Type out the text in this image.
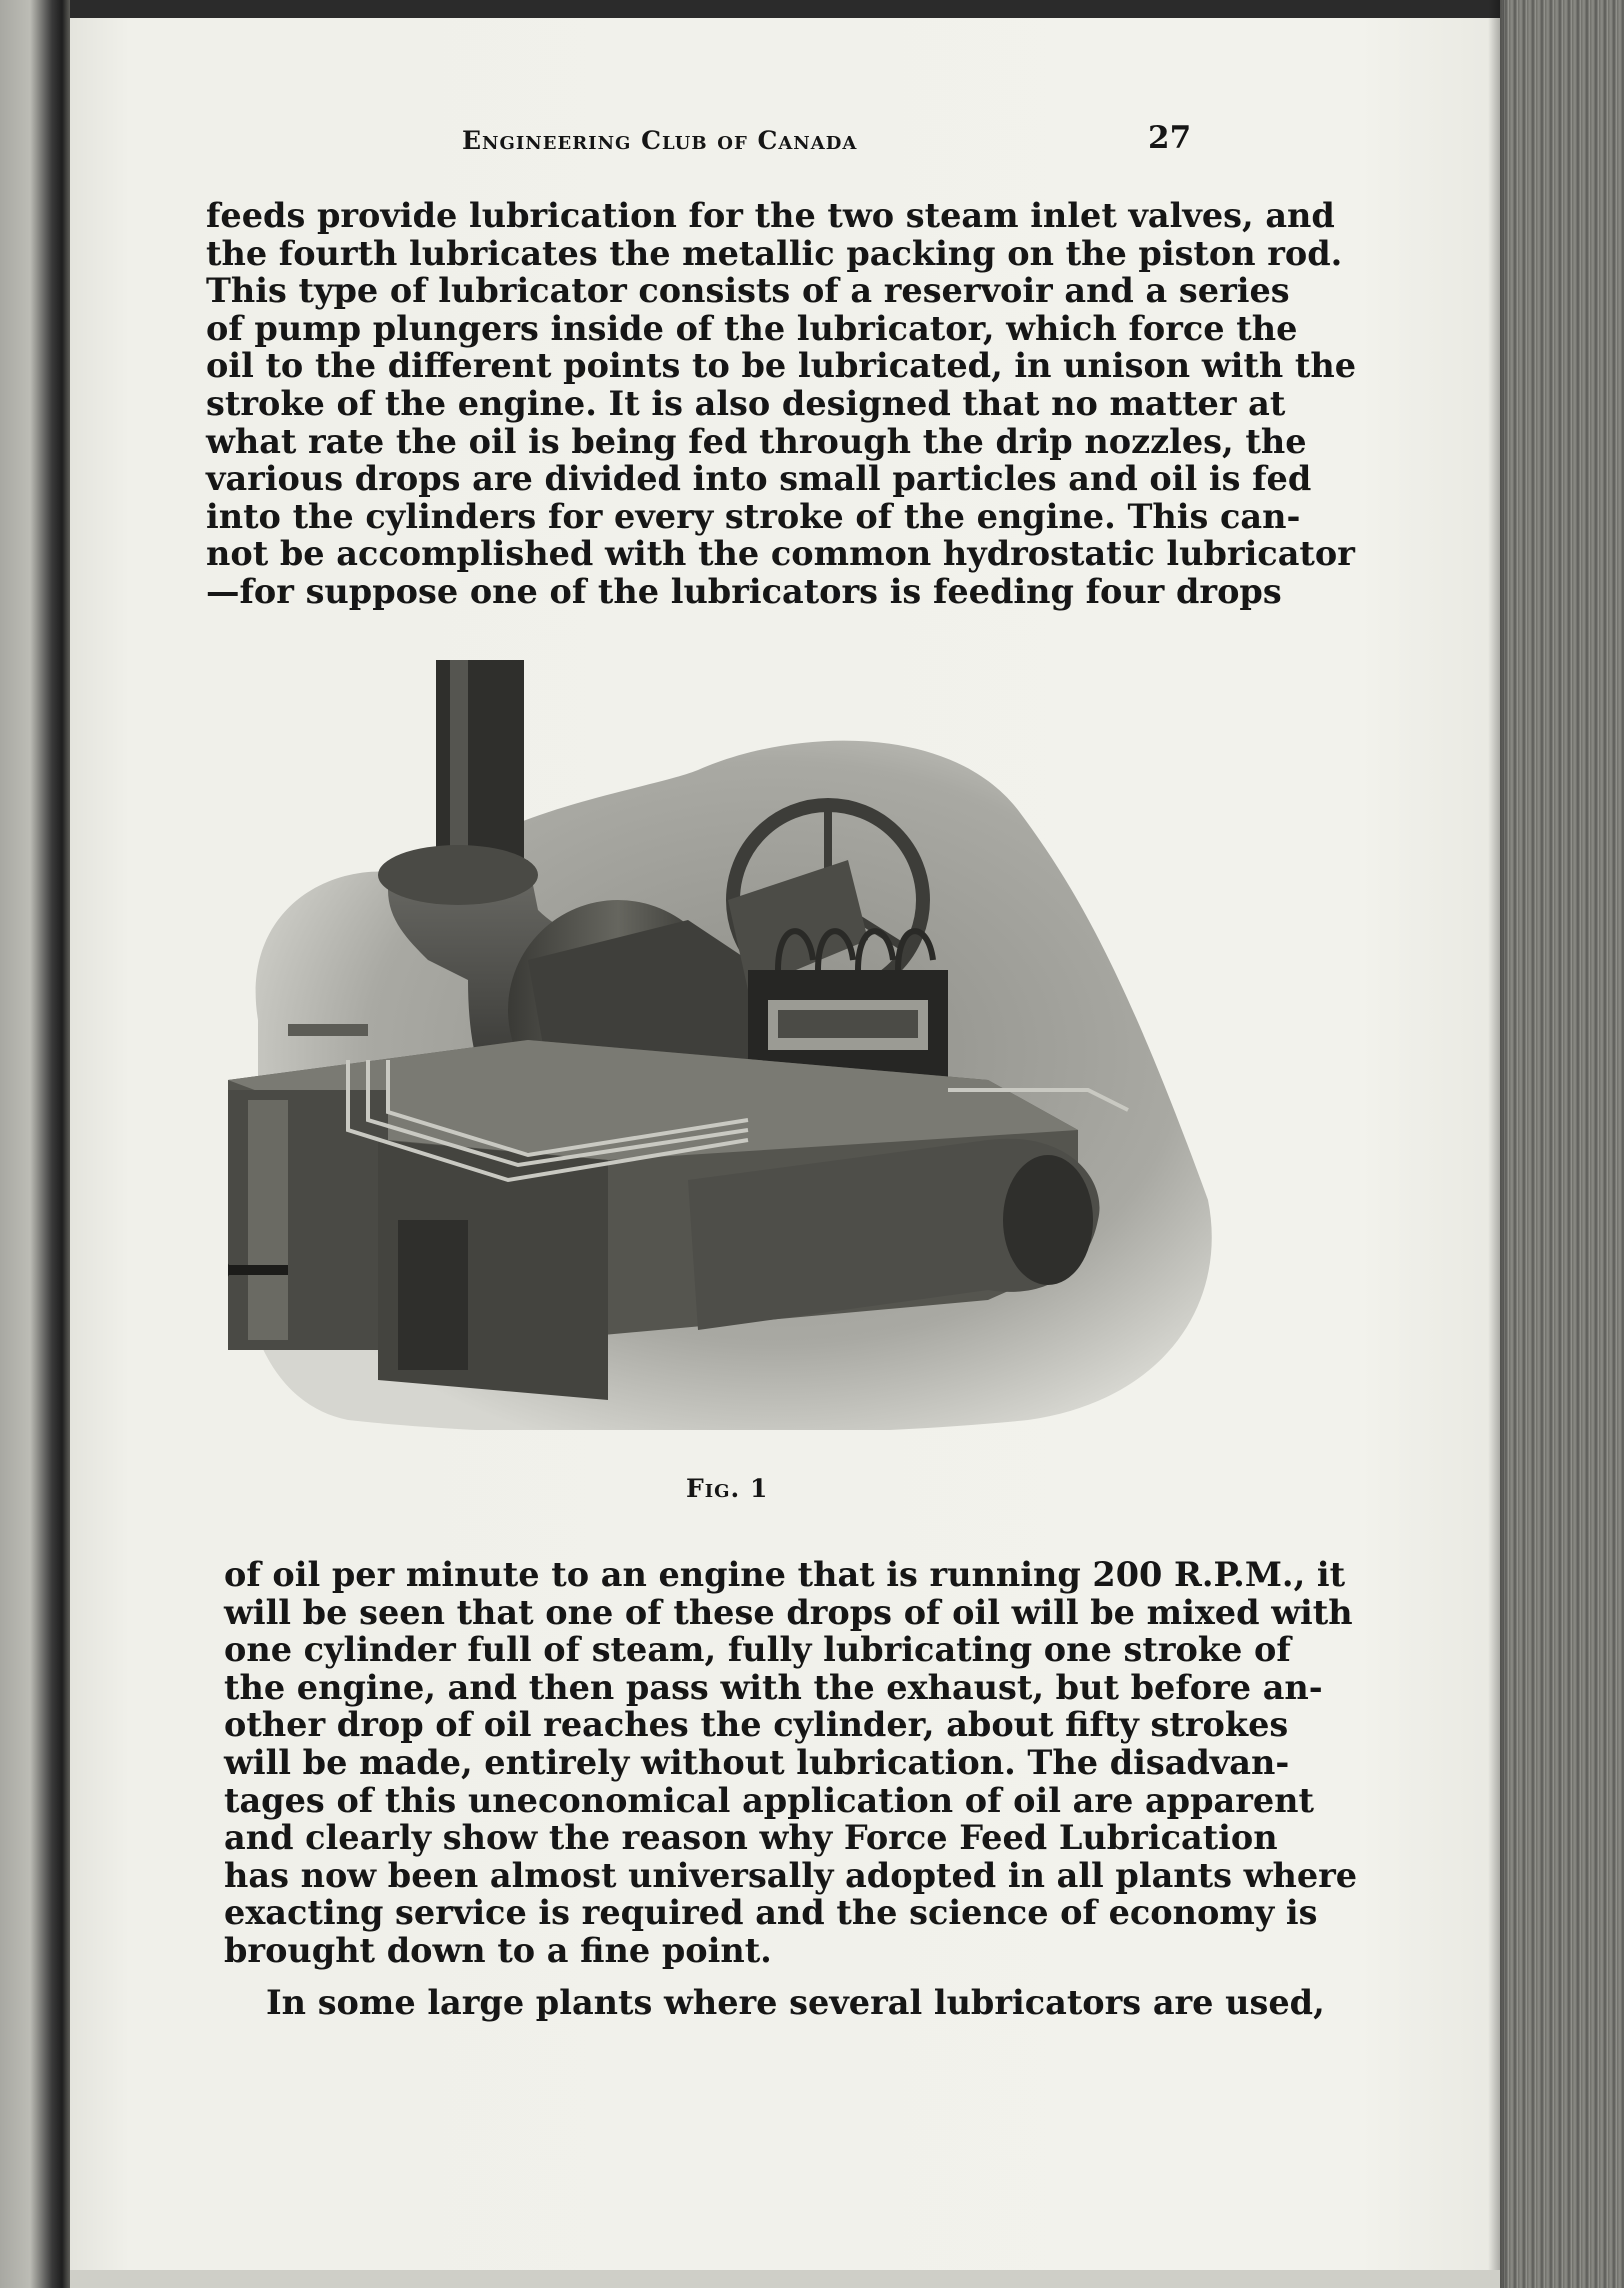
Engineering Club of Canada	27
feeds provide lubrication for the two steam inlet valves, and
the fourth lubricates the metallic packing on the piston rod.
This type of lubricator consists of a reservoir and a series
of pump plungers inside of the lubricator, which force the
oil to the different points to be lubricated, in unison with the
stroke of the engine. It is also designed that no matter at
what rate the oil is being fed through the drip nozzles, the
various drops are divided into small particles and oil is fed
into the cylinders for every stroke of the engine. This can-
not be accomplished with the common hydrostatic lubricator
—for suppose one of the lubricators is feeding four drops
Fig. 1
of oil per minute to an engine that is running 200 R.P.M., it
will be seen that one of these drops of oil will be mixed with
one cylinder full of steam, fully lubricating one stroke of
the engine, and then pass with the exhaust, but before an-
other drop of oil reaches the cylinder, about fifty strokes
will be made, entirely without lubrication. The disadvan-
tages of this uneconomical application of oil are apparent
and clearly show the reason why Force Feed Lubrication
has now been almost universally adopted in all plants where
exacting service is required and the science of economy is
brought down to a fine point.
In some large plants where several lubricators are used,
